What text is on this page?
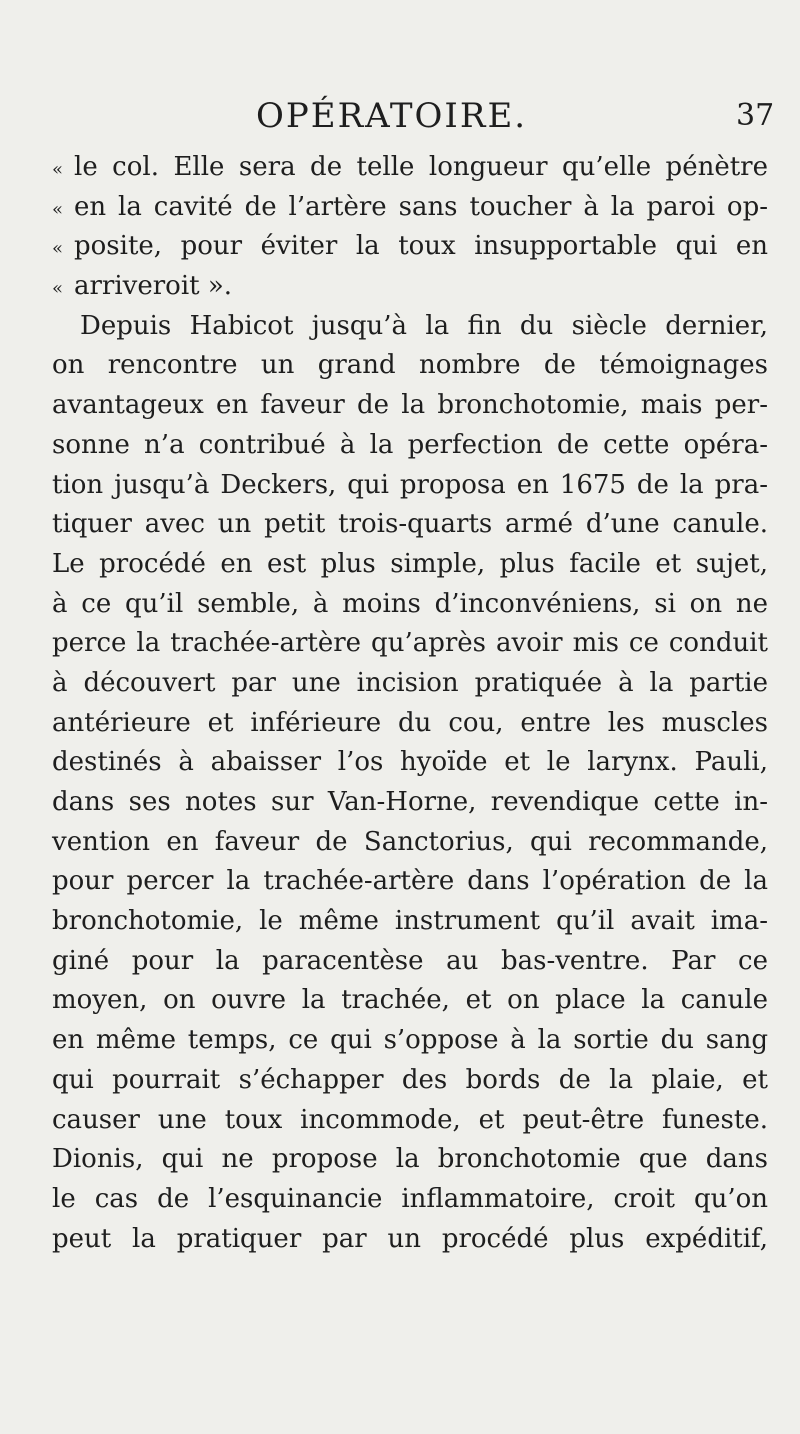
OPÉRATOIRE.	37
« le col. Elle sera de telle longueur qu’elle pénètre
« en la cavité de l’artère sans toucher à la paroi op-
« posite, pour éviter la toux insupportable qui en
« arriveroit ».
Depuis Habicot jusqu’à la fin du siècle dernier,
on rencontre un grand nombre de témoignages
avantageux en faveur de la bronchotomie, mais per-
sonne n’a contribué à la perfection de cette opéra-
tion jusqu’à Deckers, qui proposa en 1675 de la pra-
tiquer avec un petit trois-quarts armé d’une canule.
Le procédé en est plus simple, plus facile et sujet,
à ce qu’il semble, à moins d’inconvéniens, si on ne
perce la trachée-artère qu’après avoir mis ce conduit
à découvert par une incision pratiquée à la partie
antérieure et inférieure du cou, entre les muscles
destinés à abaisser l’os hyoïde et le larynx. Pauli,
dans ses notes sur Van-Horne, revendique cette in-
vention en faveur de Sanctorius, qui recommande,
pour percer la trachée-artère dans l’opération de la
bronchotomie, le même instrument qu’il avait ima-
giné pour la paracentèse au bas-ventre. Par ce
moyen, on ouvre la trachée, et on place la canule
en même temps, ce qui s’oppose à la sortie du sang
qui pourrait s’échapper des bords de la plaie, et
causer une toux incommode, et peut-être funeste.
Dionis, qui ne propose la bronchotomie que dans
le cas de l’esquinancie inflammatoire, croit qu’on
peut la pratiquer par un procédé plus expéditif,
